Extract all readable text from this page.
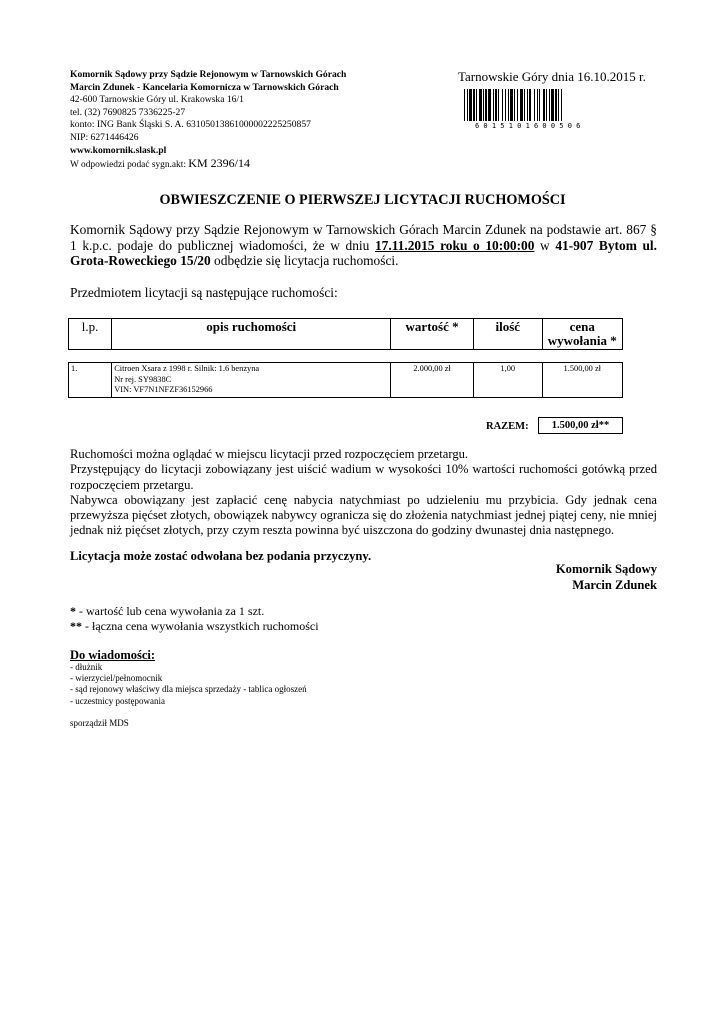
Komornik Sądowy przy Sądzie Rejonowym w Tarnowskich Górach
Marcin Zdunek - Kancelaria Komornicza w Tarnowskich Górach
42-600 Tarnowskie Góry ul. Krakowska 16/1
tel. (32) 7690825 7336225-27
konto: ING Bank Śląski S. A. 63105013861000002225250857
NIP: 6271446426
www.komornik.slask.pl
W odpowiedzi podać sygn.akt: KM 2396/14
Tarnowskie Góry dnia 16.10.2015 r.
6 0 1 5 1 0 1 6 0 0 5 0 6
OBWIESZCZENIE O PIERWSZEJ LICYTACJI RUCHOMOŚCI
Komornik Sądowy przy Sądzie Rejonowym w Tarnowskich Górach Marcin Zdunek na podstawie art. 867 § 1 k.p.c. podaje do publicznej wiadomości, że w dniu 17.11.2015 roku o 10:00:00 w 41-907 Bytom ul. Grota-Roweckiego 15/20 odbędzie się licytacja ruchomości.
Przedmiotem licytacji są następujące ruchomości:
l.p.	opis ruchomości	wartość *	ilość	cena wywołania *

1.	Citroen Xsara z 1998 r. Silnik: 1.6 benzyna
Nr rej. SY9838C
VIN: VF7N1NFZF36152966	2.000,00 zł	1,00	1.500,00 zł
RAZEM:	1.500,00 zł**
Ruchomości można oglądać w miejscu licytacji przed rozpoczęciem przetargu.
Przystępujący do licytacji zobowiązany jest uiścić wadium w wysokości 10% wartości ruchomości gotówką przed rozpoczęciem przetargu.
Nabywca obowiązany jest zapłacić cenę nabycia natychmiast po udzieleniu mu przybicia. Gdy jednak cena przewyższa pięćset złotych, obowiązek nabywcy ogranicza się do złożenia natychmiast jednej piątej ceny, nie mniej jednak niż pięćset złotych, przy czym reszta powinna być uiszczona do godziny dwunastej dnia następnego.
Licytacja może zostać odwołana bez podania przyczyny.
Komornik Sądowy
Marcin Zdunek
* - wartość lub cena wywołania za 1 szt.
** - łączna cena wywołania wszystkich ruchomości
Do wiadomości:
- dłużnik
- wierzyciel/pełnomocnik
- sąd rejonowy właściwy dla miejsca sprzedaży - tablica ogłoszeń
- uczestnicy postępowania
sporządził MDS
